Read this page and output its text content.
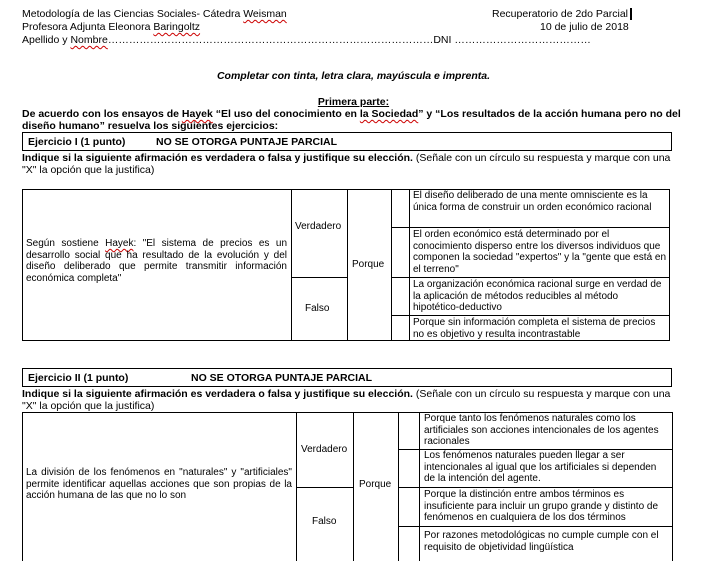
Metodología de las Ciencias Sociales- Cátedra Weisman
Profesora Adjunta Eleonora Baringoltz
Apellido y Nombre…………………………………………………………………………………DNI …………………………………
Recuperatorio de 2do Parcial
10 de julio de 2018
Completar con tinta, letra clara, mayúscula e imprenta.
Primera parte:
De acuerdo con los ensayos de Hayek “El uso del conocimiento en la Sociedad” y “Los resultados de la acción humana pero no del
diseño humano” resuelva los siguientes ejercicios:
Ejercicio I (1 punto)	NO SE OTORGA PUNTAJE PARCIAL
Indique si la siguiente afirmación es verdadera o falsa y justifique su elección. (Señale con un círculo su respuesta y marque con una
"X" la opción que la justifica)
Según sostiene Hayek: "El sistema de precios es un desarrollo social que ha resultado de la evolución y del diseño deliberado que permite transmitir información económica completa"
Verdadero
Falso
Porque
El diseño deliberado de una mente omnisciente es la única forma de construir un orden económico racional
El orden económico está determinado por el conocimiento disperso entre los diversos individuos que componen la sociedad "expertos" y la "gente que está en el terreno"
La organización económica racional surge en verdad de la aplicación de métodos reducibles al método hipotético-deductivo
Porque sin información completa el sistema de precios no es objetivo y resulta incontrastable
Ejercicio II (1 punto)	NO SE OTORGA PUNTAJE PARCIAL
Indique si la siguiente afirmación es verdadera o falsa y justifique su elección. (Señale con un círculo su respuesta y marque con una
"X" la opción que la justifica)
La división de los fenómenos en "naturales" y "artificiales" permite identificar aquellas acciones que son propias de la acción humana de las que no lo son
Verdadero
Falso
Porque
Porque tanto los fenómenos naturales como los artificiales son acciones intencionales de los agentes racionales
Los fenómenos naturales pueden llegar a ser intencionales al igual que los artificiales si dependen de la intención del agente.
Porque la distinción entre ambos términos es insuficiente para incluir un grupo grande y distinto de fenómenos en cualquiera de los dos términos
Por razones metodológicas no cumple cumple con el requisito de objetividad lingüística
